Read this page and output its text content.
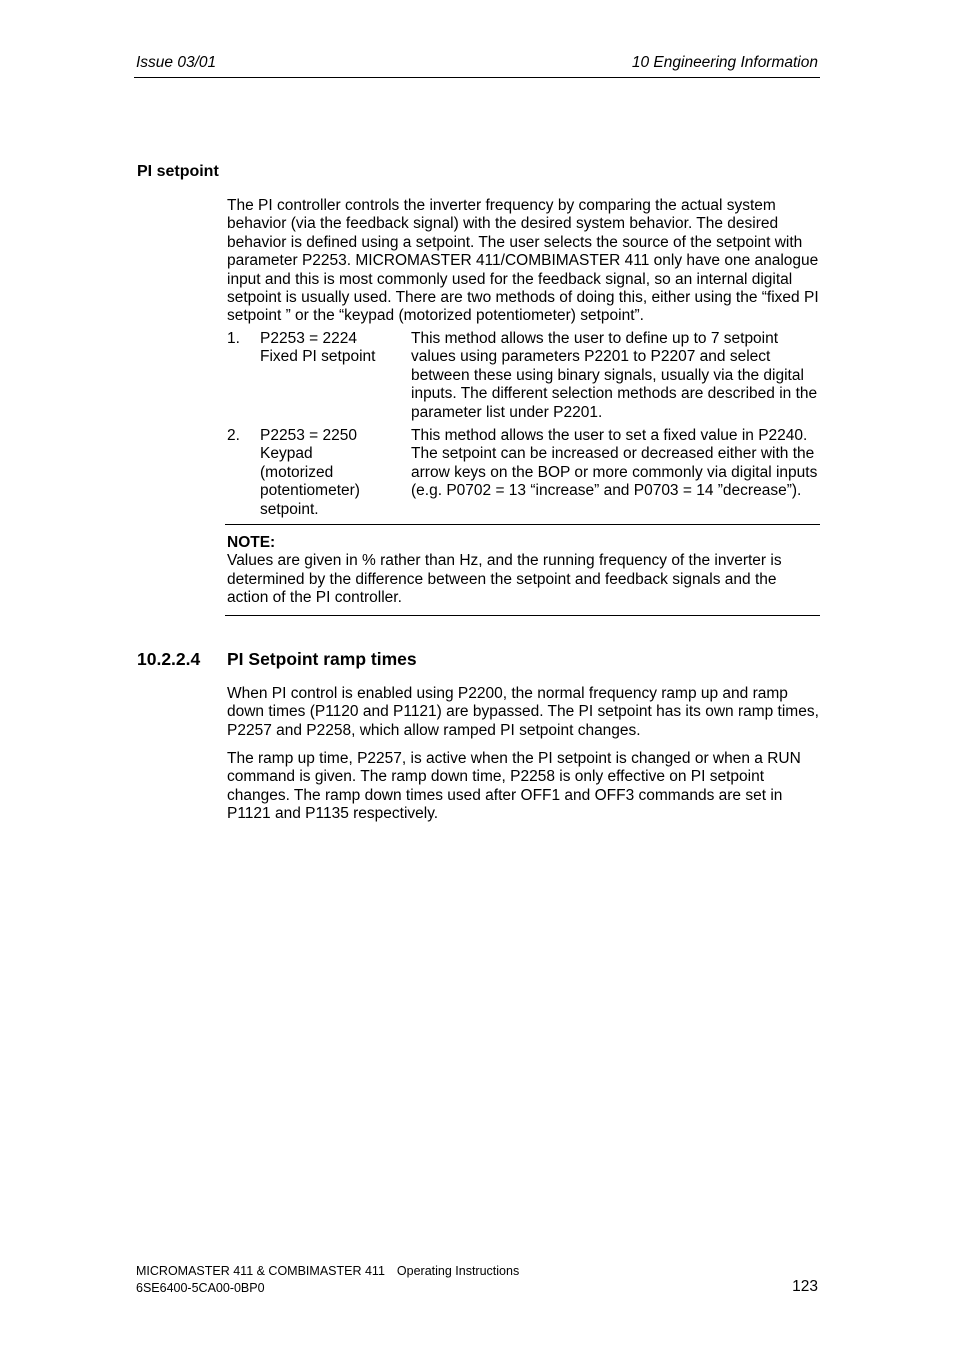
Issue 03/01	10 Engineering Information
PI setpoint
The PI controller controls the inverter frequency by comparing the actual system behavior (via the feedback signal) with the desired system behavior. The desired behavior is defined using a setpoint. The user selects the source of the setpoint with parameter P2253. MICROMASTER 411/COMBIMASTER 411 only have one analogue input and this is most commonly used for the feedback signal, so an internal digital setpoint is usually used. There are two methods of doing this, either using the “fixed PI setpoint ” or the “keypad (motorized potentiometer) setpoint”.
1. P2253 = 2224
Fixed PI setpoint
This method allows the user to define up to 7 setpoint values using parameters P2201 to P2207 and select between these using binary signals, usually via the digital inputs. The different selection methods are described in the parameter list under P2201.
2. P2253 = 2250
Keypad
(motorized
potentiometer)
setpoint.
This method allows the user to set a fixed value in P2240. The setpoint can be increased or decreased either with the arrow keys on the BOP or more commonly via digital inputs (e.g. P0702 = 13 “increase” and P0703 = 14 ”decrease”).
NOTE:
Values are given in % rather than Hz, and the running frequency of the inverter is determined by the difference between the setpoint and feedback signals and the action of the PI controller.
10.2.2.4 PI Setpoint ramp times
When PI control is enabled using P2200, the normal frequency ramp up and ramp down times (P1120 and P1121) are bypassed. The PI setpoint has its own ramp times, P2257 and P2258, which allow ramped PI setpoint changes.
The ramp up time, P2257, is active when the PI setpoint is changed or when a RUN command is given. The ramp down time, P2258 is only effective on PI setpoint changes. The ramp down times used after OFF1 and OFF3 commands are set in P1121 and P1135 respectively.
MICROMASTER 411 & COMBIMASTER 411 Operating Instructions
6SE6400-5CA00-0BP0	123
